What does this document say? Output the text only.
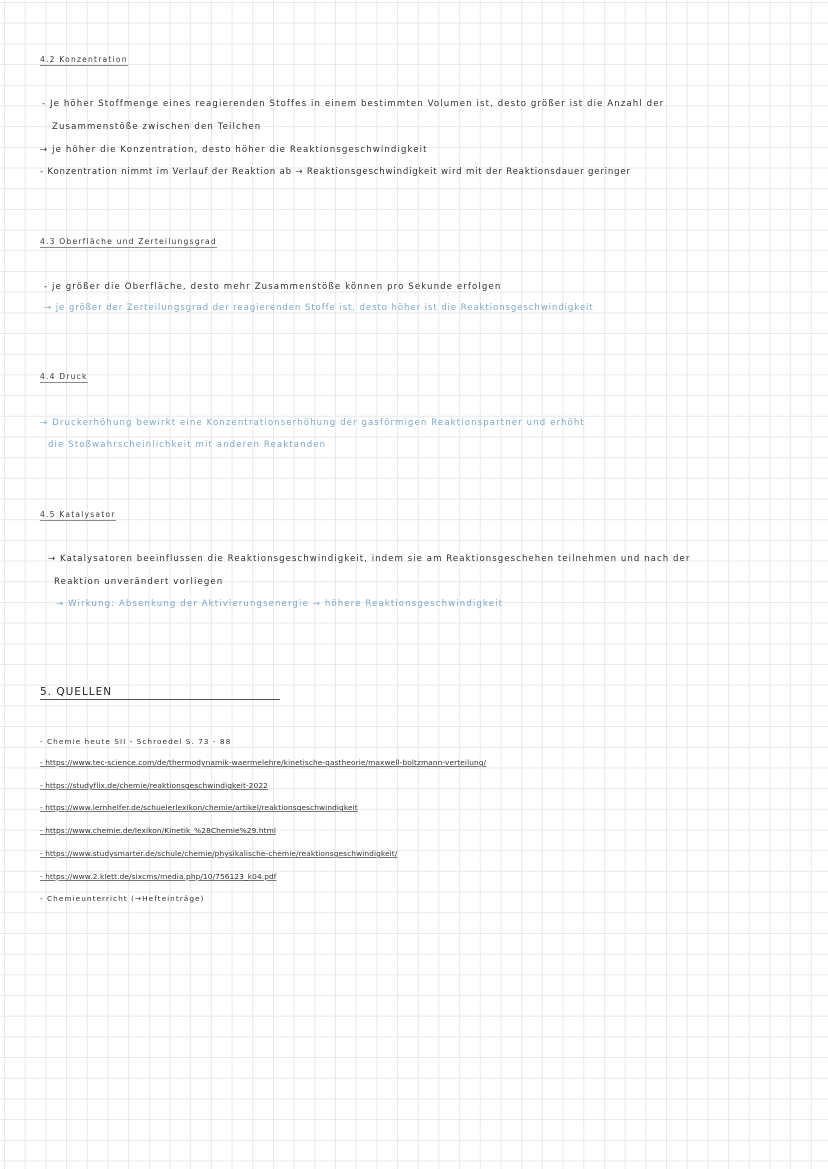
4.2 Konzentration
- Je höher Stoffmenge eines reagierenden Stoffes in einem bestimmten Volumen ist, desto größer ist die Anzahl der
Zusammenstöße zwischen den Teilchen
→ je höher die Konzentration, desto höher die Reaktionsgeschwindigkeit
- Konzentration nimmt im Verlauf der Reaktion ab → Reaktionsgeschwindigkeit wird mit der Reaktionsdauer geringer
4.3 Oberfläche und Zerteilungsgrad
- je größer die Oberfläche, desto mehr Zusammenstöße können pro Sekunde erfolgen
→ je größer der Zerteilungsgrad der reagierenden Stoffe ist, desto höher ist die Reaktionsgeschwindigkeit
4.4 Druck
→ Druckerhöhung bewirkt eine Konzentrationserhöhung der gasförmigen Reaktionspartner und erhöht
die Stoßwahrscheinlichkeit mit anderen Reaktanden
4.5 Katalysator
→ Katalysatoren beeinflussen die Reaktionsgeschwindigkeit, indem sie am Reaktionsgeschehen teilnehmen und nach der
Reaktion unverändert vorliegen
→ Wirkung: Absenkung der Aktivierungsenergie → höhere Reaktionsgeschwindigkeit
5. QUELLEN
- Chemie heute SII - Schroedel S. 73 - 88
- https://www.tec-science.com/de/thermodynamik-waermelehre/kinetische-gastheorie/maxwell-boltzmann-verteilung/
- https://studyflix.de/chemie/reaktionsgeschwindigkeit-2022
- https://www.lernhelfer.de/schuelerlexikon/chemie/artikel/reaktionsgeschwindigkeit
- https://www.chemie.de/lexikon/Kinetik_%28Chemie%29.html
- https://www.studysmarter.de/schule/chemie/physikalische-chemie/reaktionsgeschwindigkeit/
- https://www.2.klett.de/sixcms/media.php/10/756123_k04.pdf
- Chemieunterricht (→Hefteinträge)
